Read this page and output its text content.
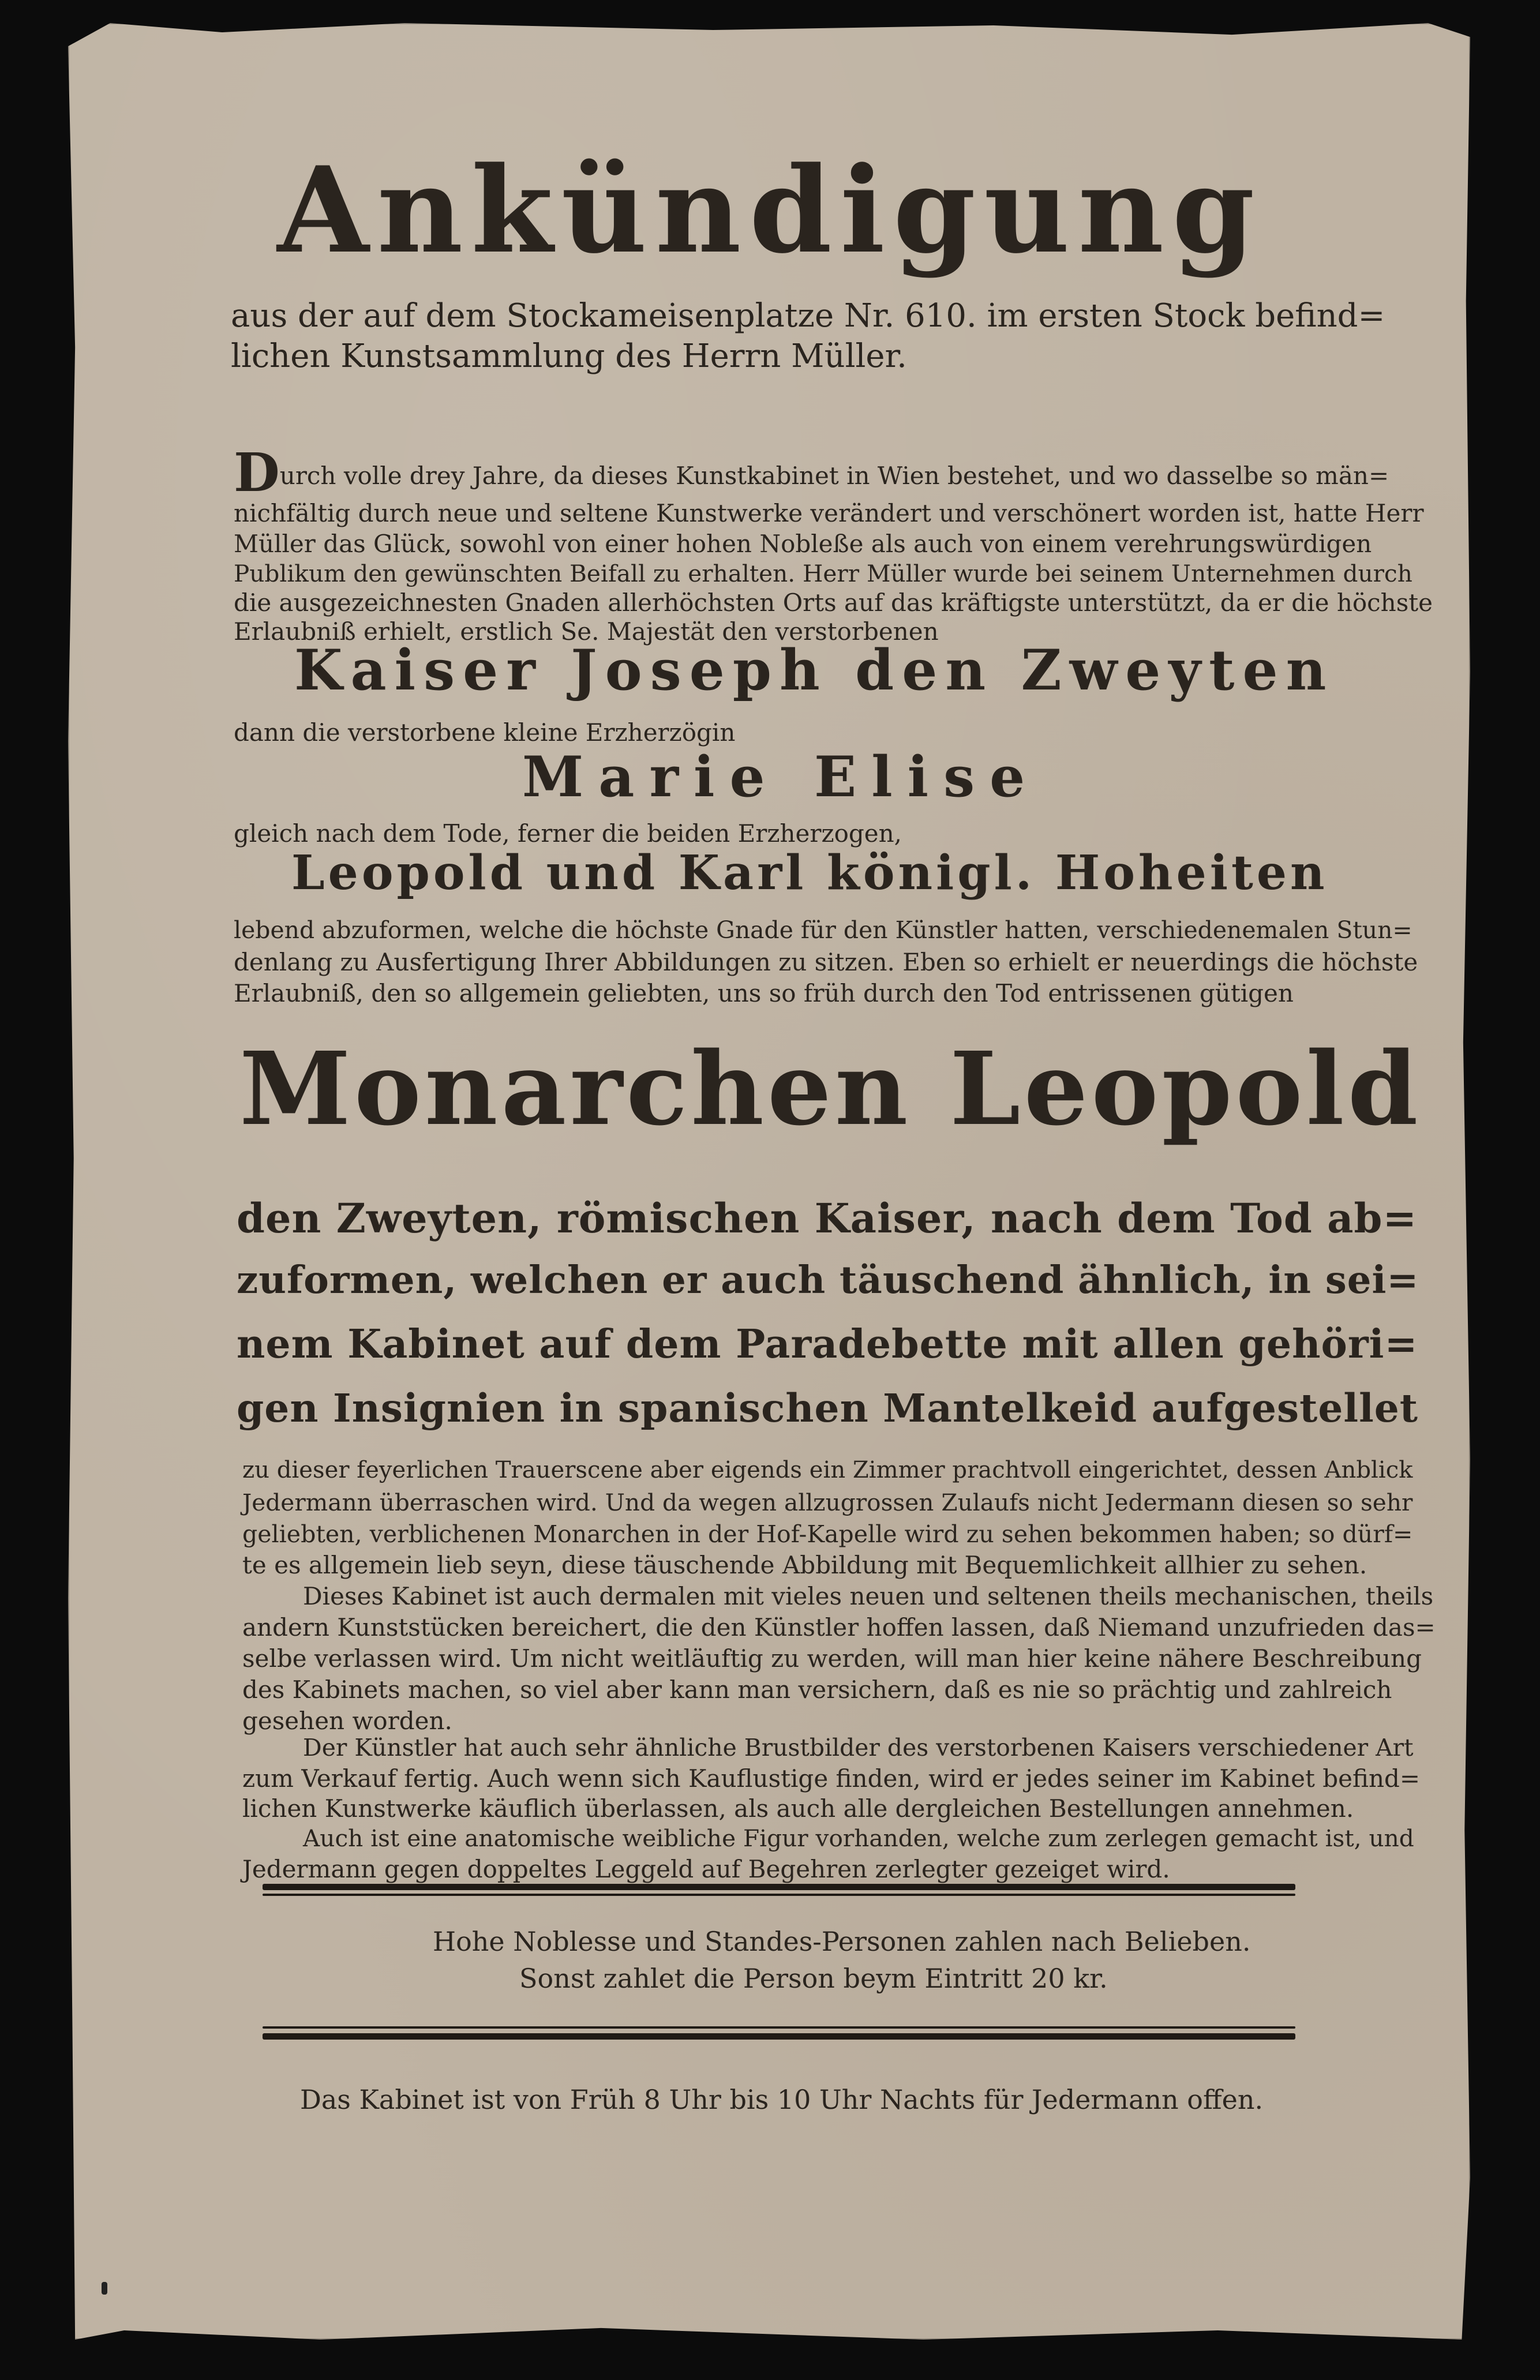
Ankündigung
aus der auf dem Stockameisenplatze Nr. 610. im ersten Stock befind=
lichen Kunstsammlung des Herrn Müller.
Durch volle drey Jahre, da dieses Kunstkabinet in Wien bestehet, und wo dasselbe so män=
nichfältig durch neue und seltene Kunstwerke verändert und verschönert worden ist, hatte Herr
Müller das Glück, sowohl von einer hohen Nobleße als auch von einem verehrungswürdigen
Publikum den gewünschten Beifall zu erhalten. Herr Müller wurde bei seinem Unternehmen durch
die ausgezeichnesten Gnaden allerhöchsten Orts auf das kräftigste unterstützt, da er die höchste
Erlaubniß erhielt, erstlich Se. Majestät den verstorbenen
Kaiser Joseph den Zweyten
dann die verstorbene kleine Erzherzögin
Marie Elise
gleich nach dem Tode, ferner die beiden Erzherzogen,
Leopold und Karl königl. Hoheiten
lebend abzuformen, welche die höchste Gnade für den Künstler hatten, verschiedenemalen Stun=
denlang zu Ausfertigung Ihrer Abbildungen zu sitzen. Eben so erhielt er neuerdings die höchste
Erlaubniß, den so allgemein geliebten, uns so früh durch den Tod entrissenen gütigen
Monarchen Leopold
den Zweyten, römischen Kaiser, nach dem Tod ab=
zuformen, welchen er auch täuschend ähnlich, in sei=
nem Kabinet auf dem Paradebette mit allen gehöri=
gen Insignien in spanischen Mantelkeid aufgestellet
zu dieser feyerlichen Trauerscene aber eigends ein Zimmer prachtvoll eingerichtet, dessen Anblick
Jedermann überraschen wird. Und da wegen allzugrossen Zulaufs nicht Jedermann diesen so sehr
geliebten, verblichenen Monarchen in der Hof-Kapelle wird zu sehen bekommen haben; so dürf=
te es allgemein lieb seyn, diese täuschende Abbildung mit Bequemlichkeit allhier zu sehen.
Dieses Kabinet ist auch dermalen mit vieles neuen und seltenen theils mechanischen, theils
andern Kunststücken bereichert, die den Künstler hoffen lassen, daß Niemand unzufrieden das=
selbe verlassen wird. Um nicht weitläuftig zu werden, will man hier keine nähere Beschreibung
des Kabinets machen, so viel aber kann man versichern, daß es nie so prächtig und zahlreich
gesehen worden.
Der Künstler hat auch sehr ähnliche Brustbilder des verstorbenen Kaisers verschiedener Art
zum Verkauf fertig. Auch wenn sich Kauflustige finden, wird er jedes seiner im Kabinet befind=
lichen Kunstwerke käuflich überlassen, als auch alle dergleichen Bestellungen annehmen.
Auch ist eine anatomische weibliche Figur vorhanden, welche zum zerlegen gemacht ist, und
Jedermann gegen doppeltes Leggeld auf Begehren zerlegter gezeiget wird.
Hohe Noblesse und Standes-Personen zahlen nach Belieben.
Sonst zahlet die Person beym Eintritt 20 kr.
Das Kabinet ist von Früh 8 Uhr bis 10 Uhr Nachts für Jedermann offen.
